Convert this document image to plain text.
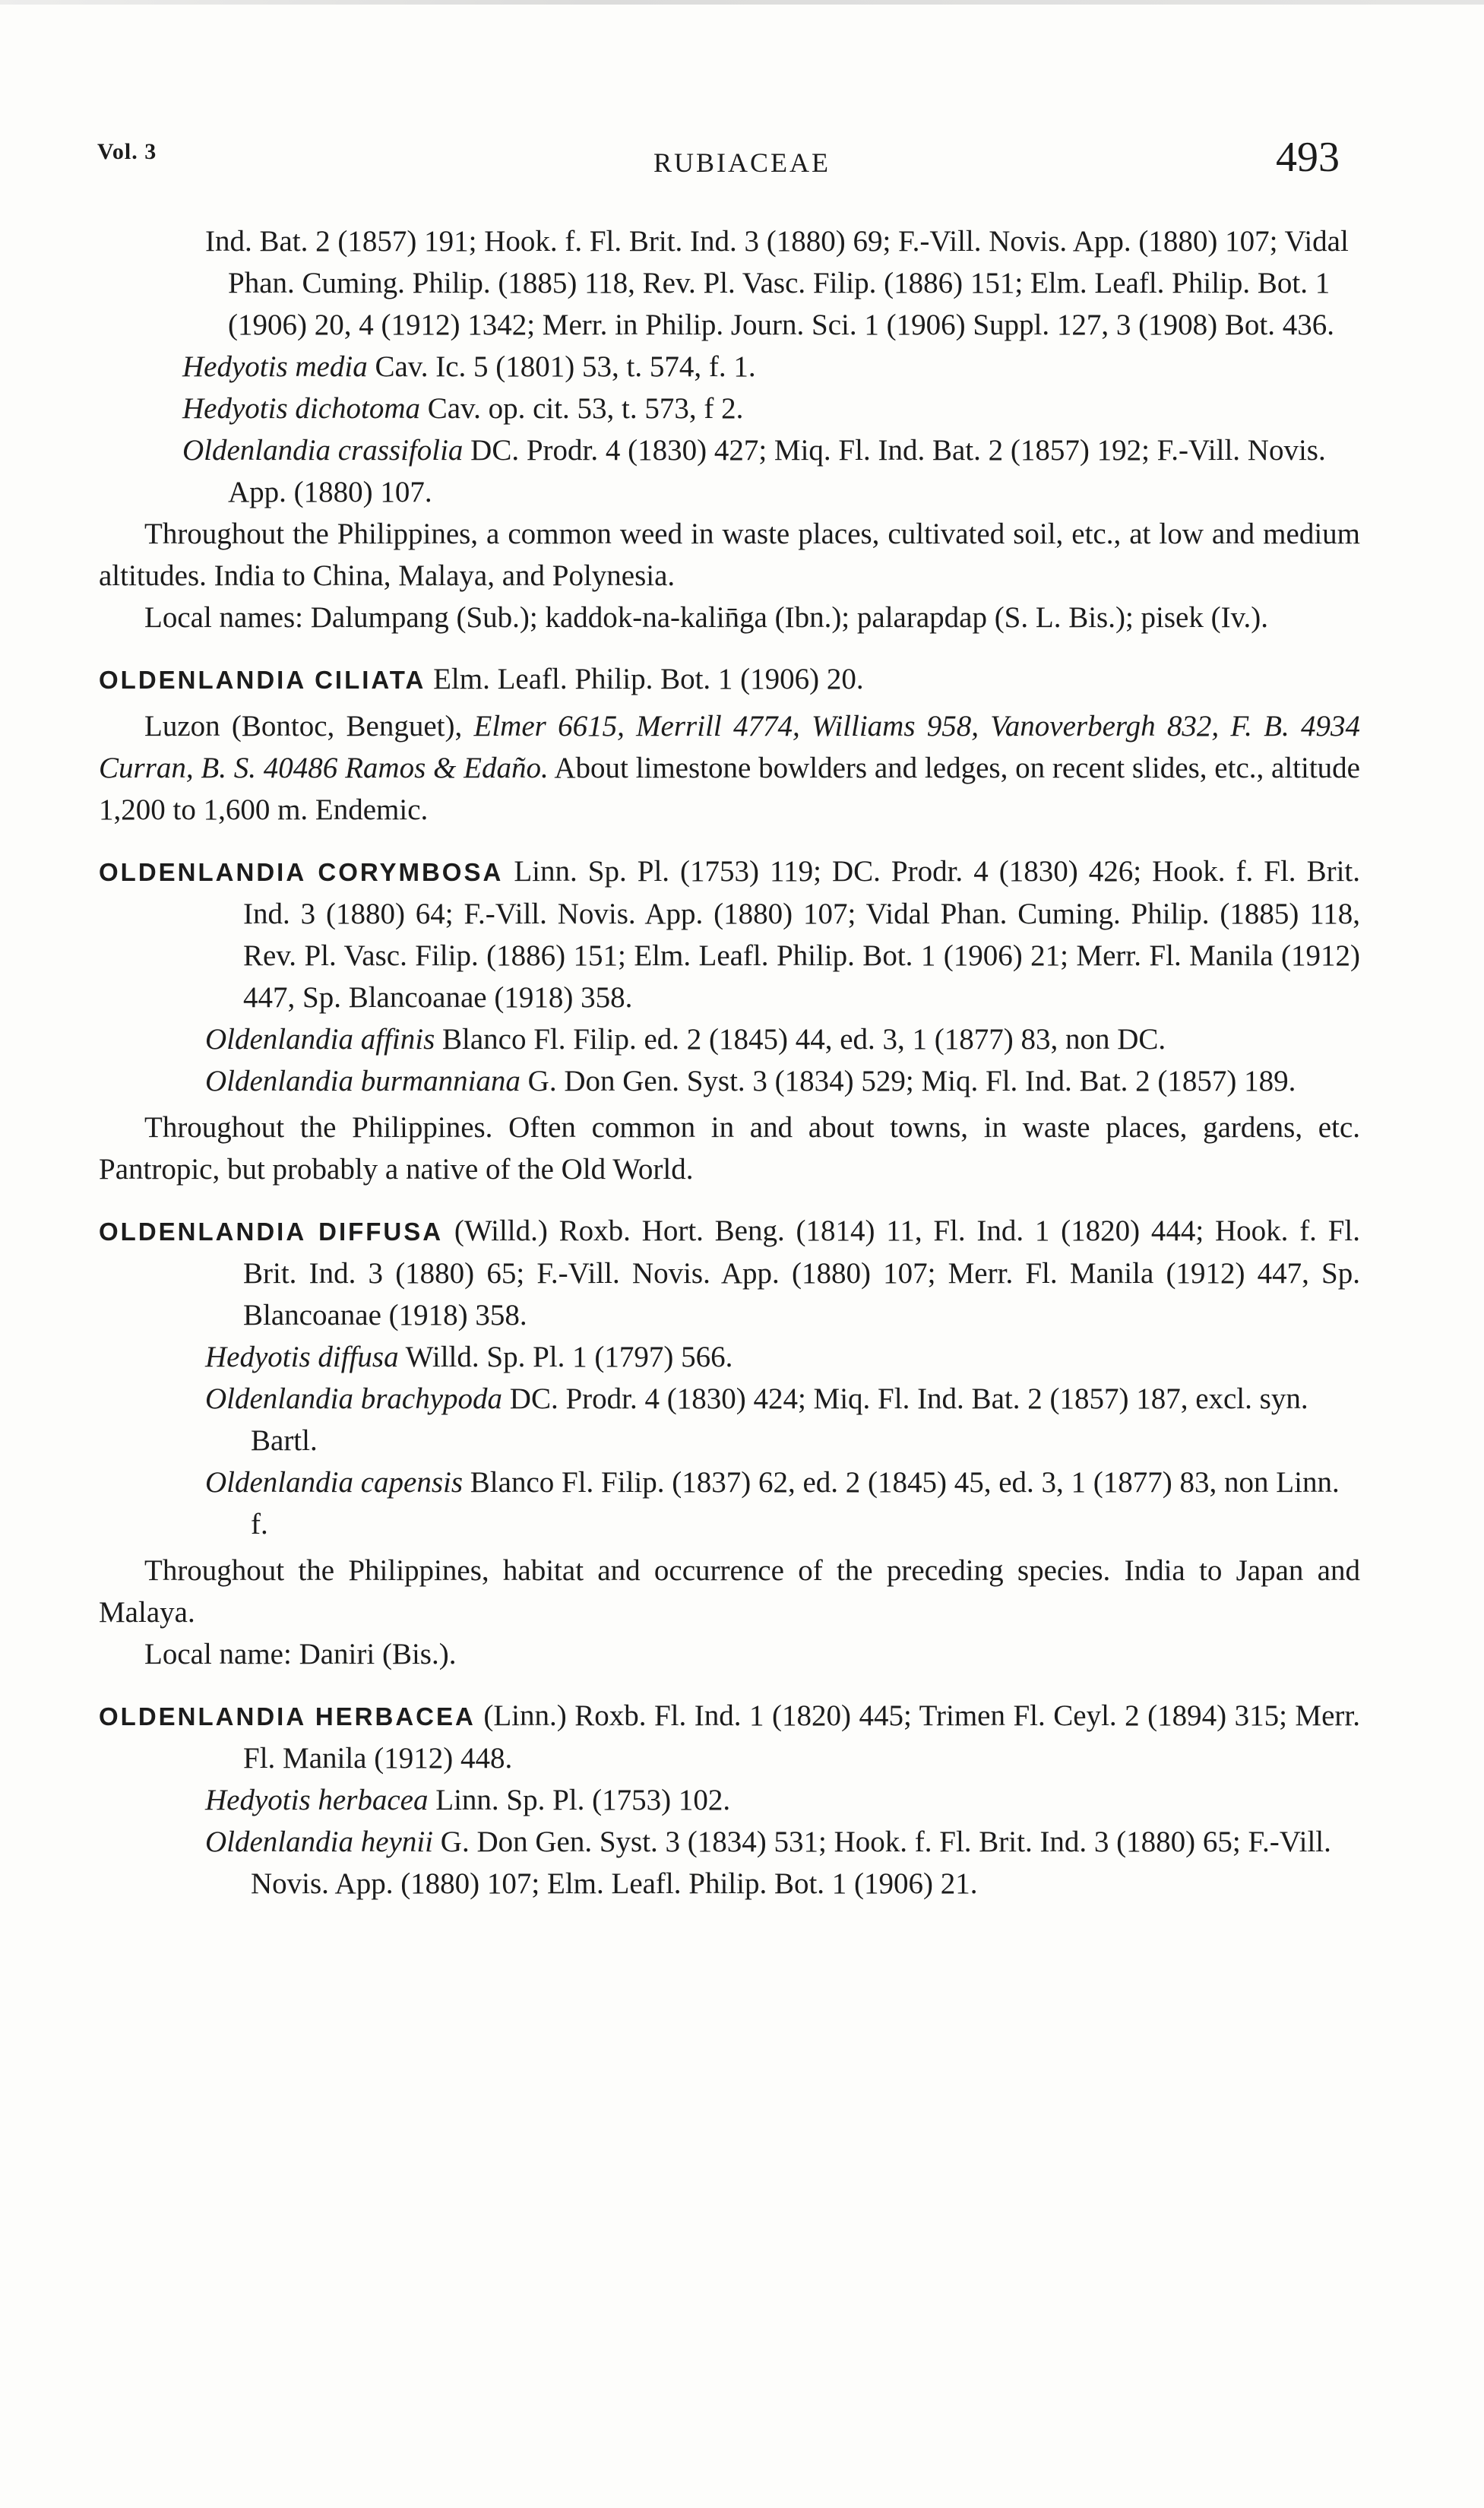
Vol. 3	RUBIACEAE	493

Ind. Bat. 2 (1857) 191; Hook. f. Fl. Brit. Ind. 3 (1880) 69; F.-Vill. Novis. App. (1880) 107; Vidal Phan. Cuming. Philip. (1885) 118, Rev. Pl. Vasc. Filip. (1886) 151; Elm. Leafl. Philip. Bot. 1 (1906) 20, 4 (1912) 1342; Merr. in Philip. Journ. Sci. 1 (1906) Suppl. 127, 3 (1908) Bot. 436.

Hedyotis media Cav. Ic. 5 (1801) 53, t. 574, f. 1.

Hedyotis dichotoma Cav. op. cit. 53, t. 573, f 2.

Oldenlandia crassifolia DC. Prodr. 4 (1830) 427; Miq. Fl. Ind. Bat. 2 (1857) 192; F.-Vill. Novis. App. (1880) 107.

Throughout the Philippines, a common weed in waste places, cultivated soil, etc., at low and medium altitudes. India to China, Malaya, and Polynesia.

Local names: Dalumpang (Sub.); kaddok-na-kalin̄ga (Ibn.); palarapdap (S. L. Bis.); pisek (Iv.).

OLDENLANDIA CILIATA Elm. Leafl. Philip. Bot. 1 (1906) 20.

Luzon (Bontoc, Benguet), Elmer 6615, Merrill 4774, Williams 958, Vanoverbergh 832, F. B. 4934 Curran, B. S. 40486 Ramos & Edaño. About limestone bowlders and ledges, on recent slides, etc., altitude 1,200 to 1,600 m. Endemic.

OLDENLANDIA CORYMBOSA Linn. Sp. Pl. (1753) 119; DC. Prodr. 4 (1830) 426; Hook. f. Fl. Brit. Ind. 3 (1880) 64; F.-Vill. Novis. App. (1880) 107; Vidal Phan. Cuming. Philip. (1885) 118, Rev. Pl. Vasc. Filip. (1886) 151; Elm. Leafl. Philip. Bot. 1 (1906) 21; Merr. Fl. Manila (1912) 447, Sp. Blancoanae (1918) 358.

Oldenlandia affinis Blanco Fl. Filip. ed. 2 (1845) 44, ed. 3, 1 (1877) 83, non DC.

Oldenlandia burmanniana G. Don Gen. Syst. 3 (1834) 529; Miq. Fl. Ind. Bat. 2 (1857) 189.

Throughout the Philippines. Often common in and about towns, in waste places, gardens, etc. Pantropic, but probably a native of the Old World.

OLDENLANDIA DIFFUSA (Willd.) Roxb. Hort. Beng. (1814) 11, Fl. Ind. 1 (1820) 444; Hook. f. Fl. Brit. Ind. 3 (1880) 65; F.-Vill. Novis. App. (1880) 107; Merr. Fl. Manila (1912) 447, Sp. Blancoanae (1918) 358.

Hedyotis diffusa Willd. Sp. Pl. 1 (1797) 566.

Oldenlandia brachypoda DC. Prodr. 4 (1830) 424; Miq. Fl. Ind. Bat. 2 (1857) 187, excl. syn. Bartl.

Oldenlandia capensis Blanco Fl. Filip. (1837) 62, ed. 2 (1845) 45, ed. 3, 1 (1877) 83, non Linn. f.

Throughout the Philippines, habitat and occurrence of the preceding species. India to Japan and Malaya.

Local name: Daniri (Bis.).

OLDENLANDIA HERBACEA (Linn.) Roxb. Fl. Ind. 1 (1820) 445; Trimen Fl. Ceyl. 2 (1894) 315; Merr. Fl. Manila (1912) 448.

Hedyotis herbacea Linn. Sp. Pl. (1753) 102.

Oldenlandia heynii G. Don Gen. Syst. 3 (1834) 531; Hook. f. Fl. Brit. Ind. 3 (1880) 65; F.-Vill. Novis. App. (1880) 107; Elm. Leafl. Philip. Bot. 1 (1906) 21.
